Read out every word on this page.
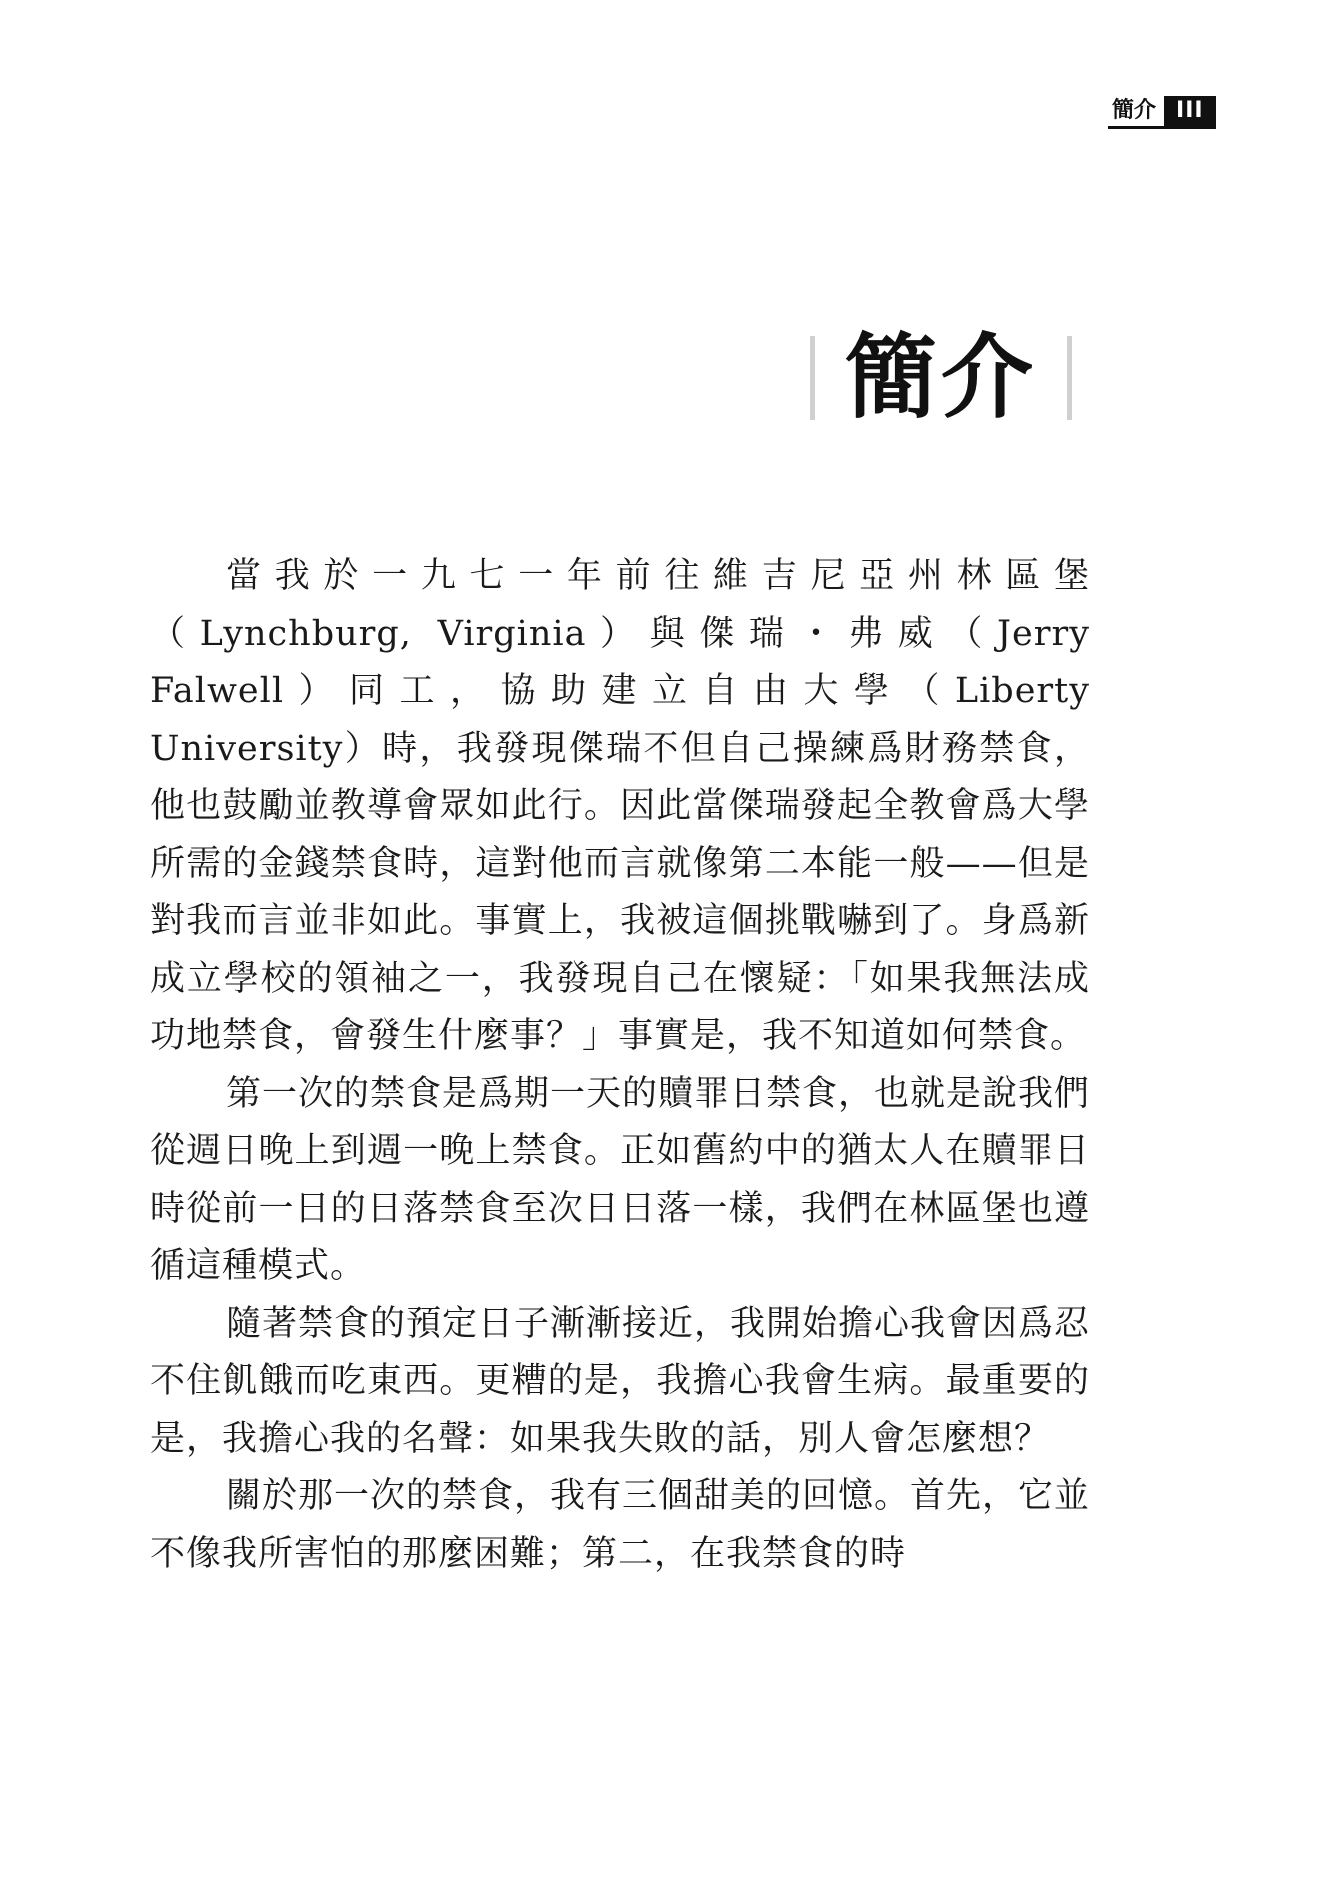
簡介 III
簡介

當我於一九七一年前往維吉尼亞州林區堡（Lynchburg, Virginia）與傑瑞・弗威（Jerry Falwell）同工，協助建立自由大學（Liberty University）時，我發現傑瑞不但自己操練爲財務禁食，他也鼓勵並教導會眾如此行。因此當傑瑞發起全教會爲大學所需的金錢禁食時，這對他而言就像第二本能一般——但是對我而言並非如此。事實上，我被這個挑戰嚇到了。身爲新成立學校的領袖之一，我發現自己在懷疑：「如果我無法成功地禁食，會發生什麼事？」事實是，我不知道如何禁食。

第一次的禁食是爲期一天的贖罪日禁食，也就是說我們從週日晚上到週一晚上禁食。正如舊約中的猶太人在贖罪日時從前一日的日落禁食至次日日落一樣，我們在林區堡也遵循這種模式。

隨著禁食的預定日子漸漸接近，我開始擔心我會因爲忍不住飢餓而吃東西。更糟的是，我擔心我會生病。最重要的是，我擔心我的名聲：如果我失敗的話，別人會怎麼想？

關於那一次的禁食，我有三個甜美的回憶。首先，它並不像我所害怕的那麼困難；第二，在我禁食的時
